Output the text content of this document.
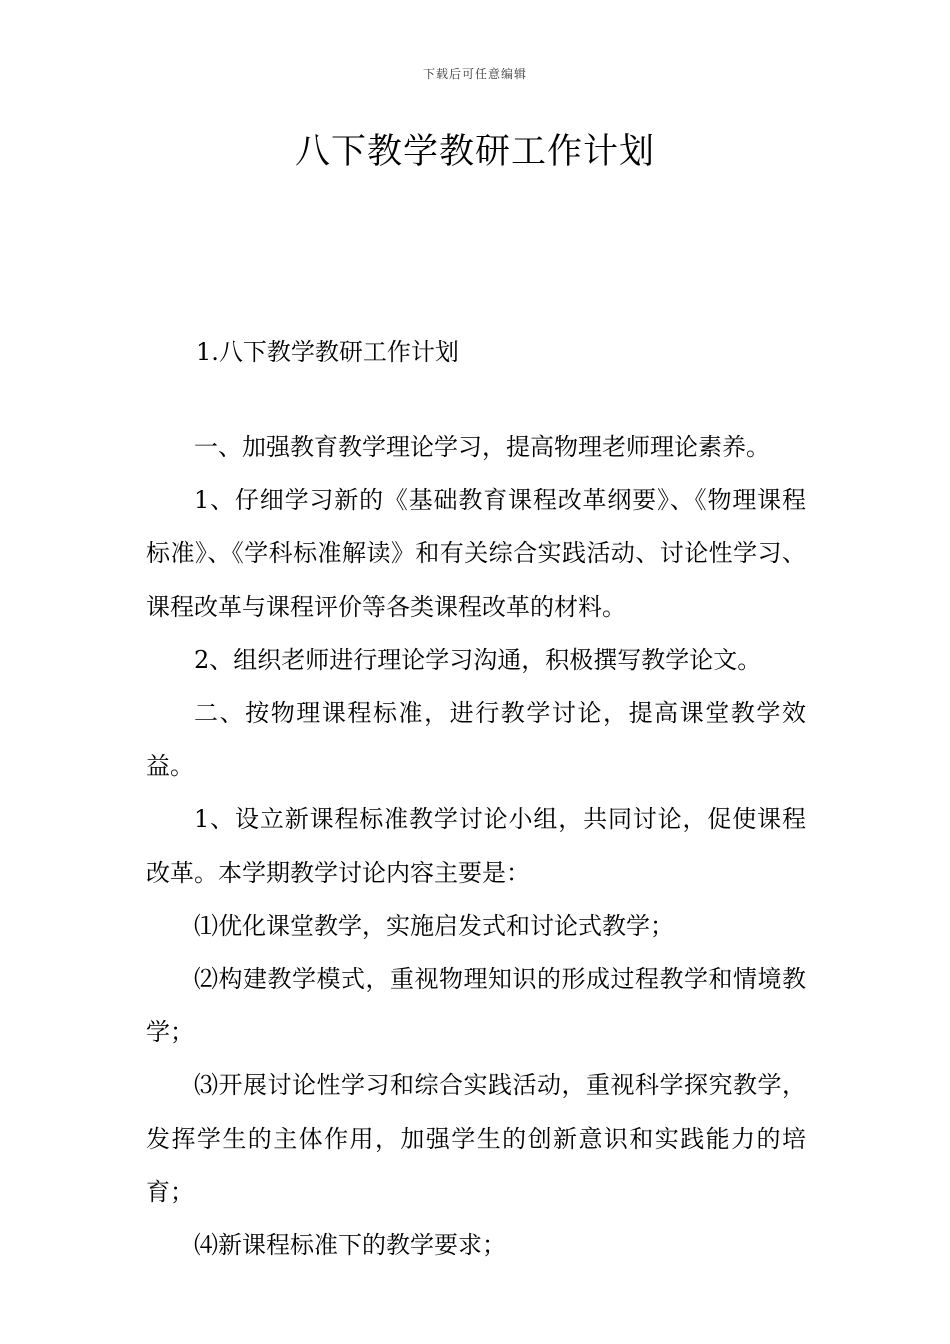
下载后可任意编辑
八下教学教研工作计划

1.八下教学教研工作计划

一、加强教育教学理论学习，提高物理老师理论素养。

1、仔细学习新的《基础教育课程改革纲要》、《物理课程标准》、《学科标准解读》和有关综合实践活动、讨论性学习、课程改革与课程评价等各类课程改革的材料。

2、组织老师进行理论学习沟通，积极撰写教学论文。

二、按物理课程标准，进行教学讨论，提高课堂教学效益。

1、设立新课程标准教学讨论小组，共同讨论，促使课程改革。本学期教学讨论内容主要是：

⑴优化课堂教学，实施启发式和讨论式教学；

⑵构建教学模式，重视物理知识的形成过程教学和情境教学；

⑶开展讨论性学习和综合实践活动，重视科学探究教学，发挥学生的主体作用，加强学生的创新意识和实践能力的培育；

⑷新课程标准下的教学要求；
